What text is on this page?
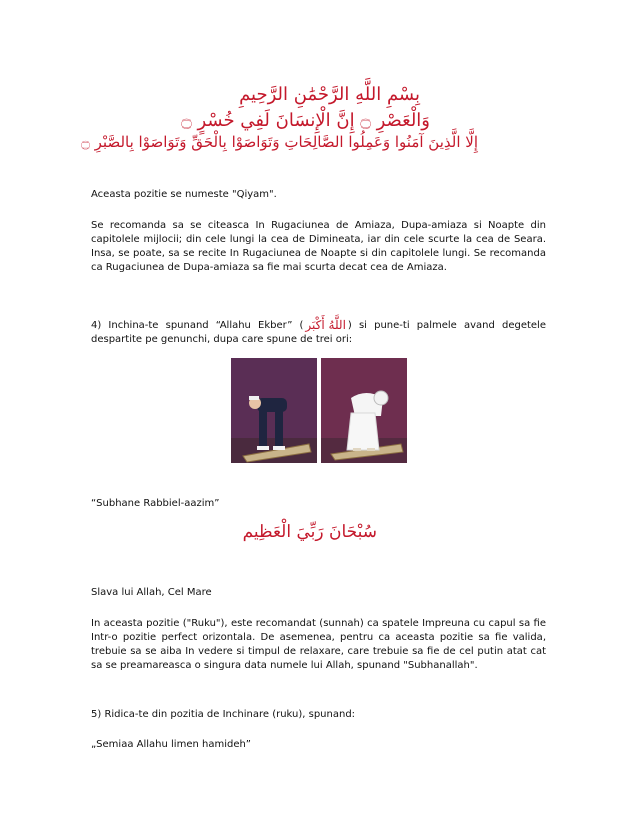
بِسْمِ اللَّهِ الرَّحْمَٰنِ الرَّحِيمِ
وَالْعَصْرِ ۝ إِنَّ الْإِنسَانَ لَفِي خُسْرٍ ۝
إِلَّا الَّذِينَ آمَنُوا وَعَمِلُوا الصَّالِحَاتِ وَتَوَاصَوْا بِالْحَقِّ وَتَوَاصَوْا بِالصَّبْرِ ۝

Aceasta pozitie se numeste "Qiyam".

Se recomanda sa se citeasca In Rugaciunea de Amiaza, Dupa-amiaza si Noapte din capitolele mijlocii; din cele lungi la cea de Dimineata, iar din cele scurte la cea de Seara. Insa, se poate, sa se recite In Rugaciunea de Noapte si din capitolele lungi. Se recomanda ca Rugaciunea de Dupa-amiaza sa fie mai scurta decat cea de Amiaza.

4) Inchina-te spunand “Allahu Ekber” ( اللَّهُ أَكْبَر ) si pune-ti palmele avand degetele despartite pe genunchi, dupa care spune de trei ori:

“Subhane Rabbiel-aazim”

سُبْحَانَ رَبِّيَ الْعَظِيم

Slava lui Allah, Cel Mare

In aceasta pozitie ("Ruku"), este recomandat (sunnah) ca spatele Impreuna cu capul sa fie Intr-o pozitie perfect orizontala. De asemenea, pentru ca aceasta pozitie sa fie valida, trebuie sa se aiba In vedere si timpul de relaxare, care trebuie sa fie de cel putin atat cat sa se preamareasca o singura data numele lui Allah, spunand "Subhanallah".

5) Ridica-te din pozitia de Inchinare (ruku), spunand:

„Semiaa Allahu limen hamideh”
